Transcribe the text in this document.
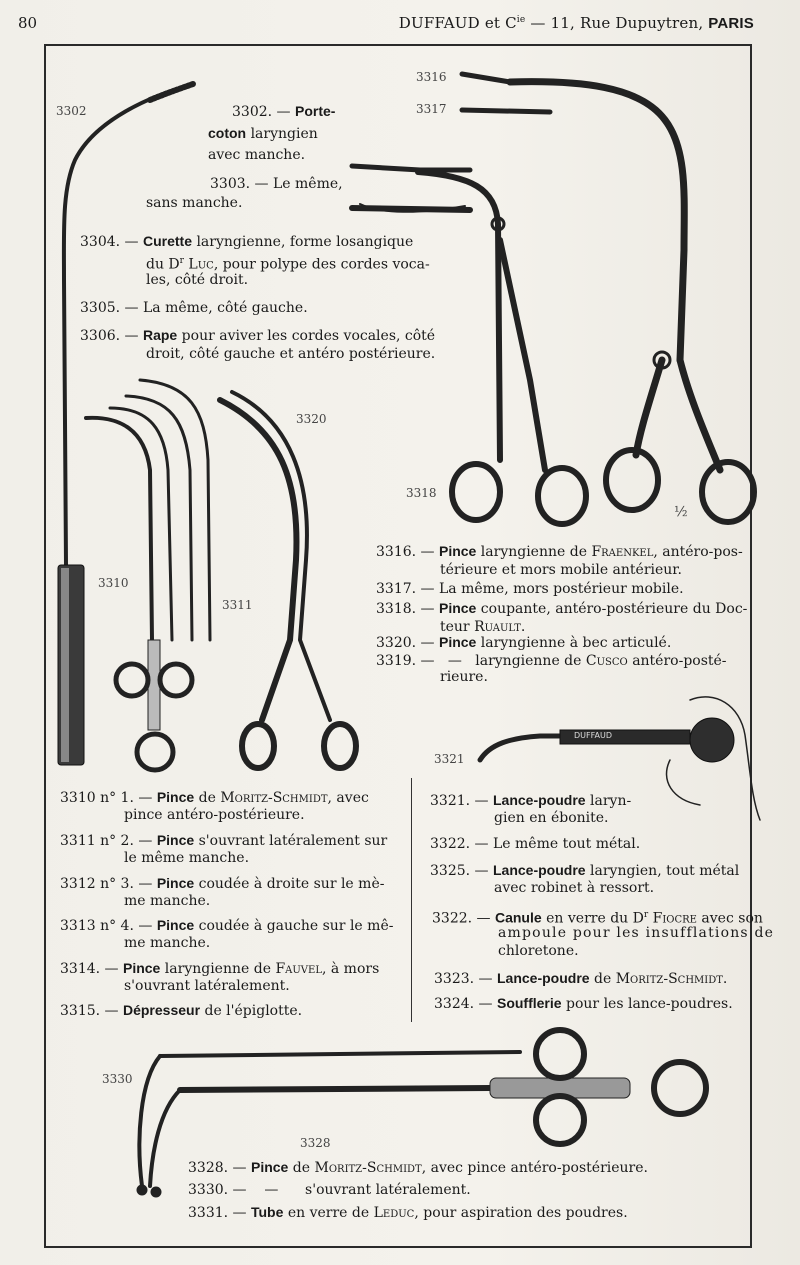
80	DUFFAUD et $C^{ie}$ — 11, Rue Dupuytren, PARIS
3302
3316
3317
3320
3318
3310
3311
3321
3330
3328
½
DUFFAUD
3302. — Porte-
coton laryngien
avec manche.
3303. — Le même,
sans manche.
3304. — Curette laryngienne, forme losangique
du $D^r$ Luc, pour polype des cordes voca-
les, côté droit.
3305. — La même, côté gauche.
3306. — Rape pour aviver les cordes vocales, côté
droit, côté gauche et antéro postérieure.
3316. — Pince laryngienne de Fraenkel, antéro-pos-
térieure et mors mobile antérieur.
3317. — La même, mors postérieur mobile.
3318. — Pince coupante, antéro-postérieure du Doc-
teur Ruault.
3320. — Pince laryngienne à bec articulé.
3319. — — laryngienne de Cusco antéro-posté-
rieure.
3310 n° 1. — Pince de Moritz-Schmidt, avec
pince antéro-postérieure.
3311 n° 2. — Pince s'ouvrant latéralement sur
le même manche.
3312 n° 3. — Pince coudée à droite sur le mè-
me manche.
3313 n° 4. — Pince coudée à gauche sur le mê-
me manche.
3314. — Pince laryngienne de Fauvel, à mors
s'ouvrant latéralement.
3315. — Dépresseur de l'épiglotte.
3321. — Lance-poudre laryn-
gien en ébonite.
3322. — Le même tout métal.
3325. — Lance-poudre laryngien, tout métal
avec robinet à ressort.
3322. — Canule en verre du $D^r$ Fiocre avec son
ampoule pour les insufflations de
chloretone.
3323. — Lance-poudre de Moritz-Schmidt.
3324. — Soufflerie pour les lance-poudres.
3328. — Pince de Moritz-Schmidt, avec pince antéro-postérieure.
3330. — — s'ouvrant latéralement.
3331. — Tube en verre de Leduc, pour aspiration des poudres.
